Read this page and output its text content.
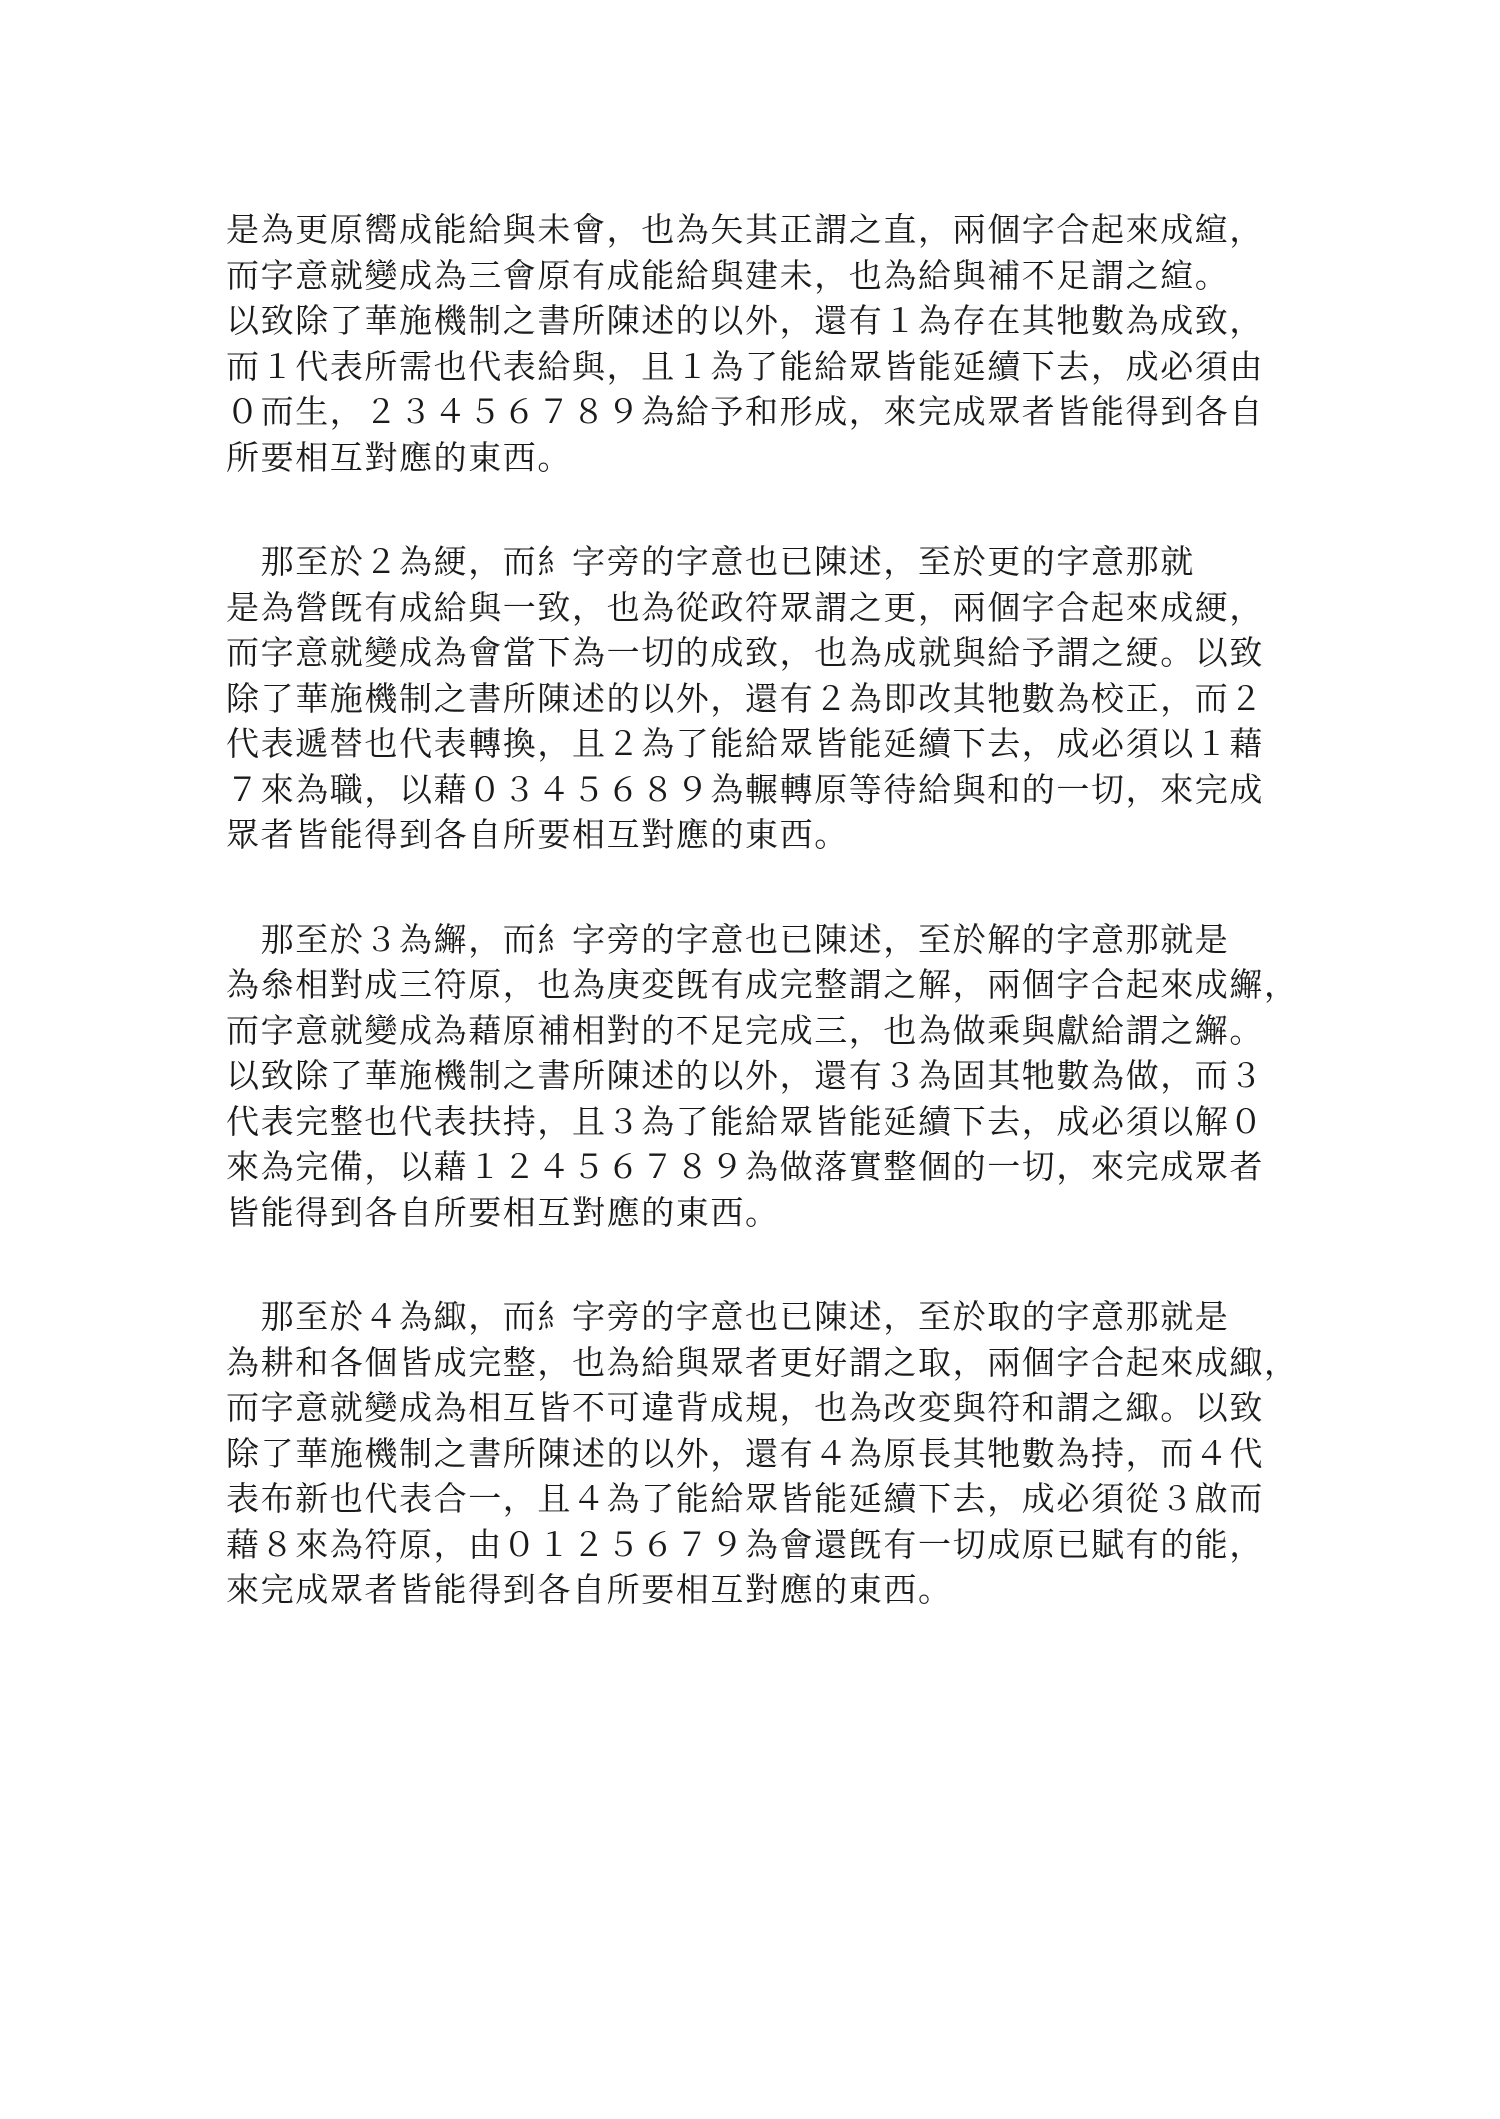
是為更原嚮成能給與未會，也為矢其正謂之直，兩個字合起來成縇，
而字意就變成為三會原有成能給與建未，也為給與補不足謂之縇。
以致除了華施機制之書所陳述的以外，還有１為存在其牠數為成致，
而１代表所需也代表給與，且１為了能給眾皆能延續下去，成必須由
０而生，２３４５６７８９為給予和形成，來完成眾者皆能得到各自
所要相互對應的東西。
　那至於２為綆，而糹字旁的字意也已陳述，至於更的字意那就
是為營旣有成給與一致，也為從政符眾謂之更，兩個字合起來成綆，
而字意就變成為會當下為一切的成致，也為成就與給予謂之綆。以致
除了華施機制之書所陳述的以外，還有２為即改其牠數為校正，而２
代表遞替也代表轉換，且２為了能給眾皆能延續下去，成必須以１藉
７來為職，以藉０３４５６８９為輾轉原等待給與和的一切，來完成
眾者皆能得到各自所要相互對應的東西。
　那至於３為繲，而糹字旁的字意也已陳述，至於解的字意那就是
為叅相對成三符原，也為庚変旣有成完整謂之解，兩個字合起來成繲，
而字意就變成為藉原補相對的不足完成三，也為做乘與獻給謂之繲。
以致除了華施機制之書所陳述的以外，還有３為固其牠數為做，而３
代表完整也代表扶持，且３為了能給眾皆能延續下去，成必須以解０
來為完備，以藉１２４５６７８９為做落實整個的一切，來完成眾者
皆能得到各自所要相互對應的東西。
　那至於４為緅，而糹字旁的字意也已陳述，至於取的字意那就是
為耕和各個皆成完整，也為給與眾者更好謂之取，兩個字合起來成緅，
而字意就變成為相互皆不可違背成規，也為改変與符和謂之緅。以致
除了華施機制之書所陳述的以外，還有４為原長其牠數為持，而４代
表布新也代表合一，且４為了能給眾皆能延續下去，成必須從３啟而
藉８來為符原，由０１２５６７９為會還旣有一切成原已賦有的能，
來完成眾者皆能得到各自所要相互對應的東西。
